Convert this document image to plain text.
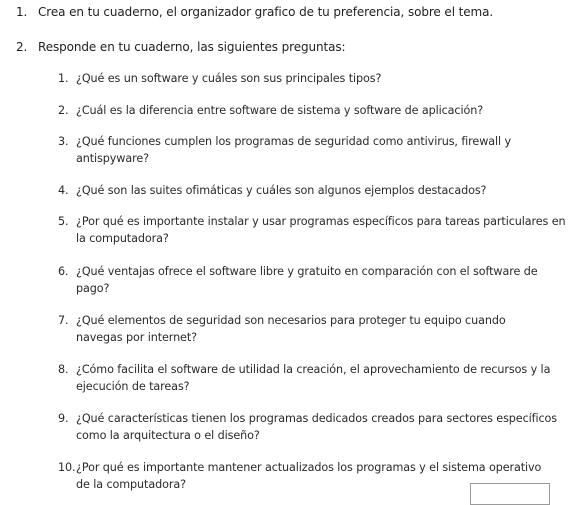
1. Crea en tu cuaderno, el organizador grafico de tu preferencia, sobre el tema.
2. Responde en tu cuaderno, las siguientes preguntas:
1. ¿Qué es un software y cuáles son sus principales tipos?
2. ¿Cuál es la diferencia entre software de sistema y software de aplicación?
3. ¿Qué funciones cumplen los programas de seguridad como antivirus, firewall y antispyware?
4. ¿Qué son las suites ofimáticas y cuáles son algunos ejemplos destacados?
5. ¿Por qué es importante instalar y usar programas específicos para tareas particulares en la computadora?
6. ¿Qué ventajas ofrece el software libre y gratuito en comparación con el software de pago?
7. ¿Qué elementos de seguridad son necesarios para proteger tu equipo cuando navegas por internet?
8. ¿Cómo facilita el software de utilidad la creación, el aprovechamiento de recursos y la ejecución de tareas?
9. ¿Qué características tienen los programas dedicados creados para sectores específicos como la arquitectura o el diseño?
10. ¿Por qué es importante mantener actualizados los programas y el sistema operativo de la computadora?
